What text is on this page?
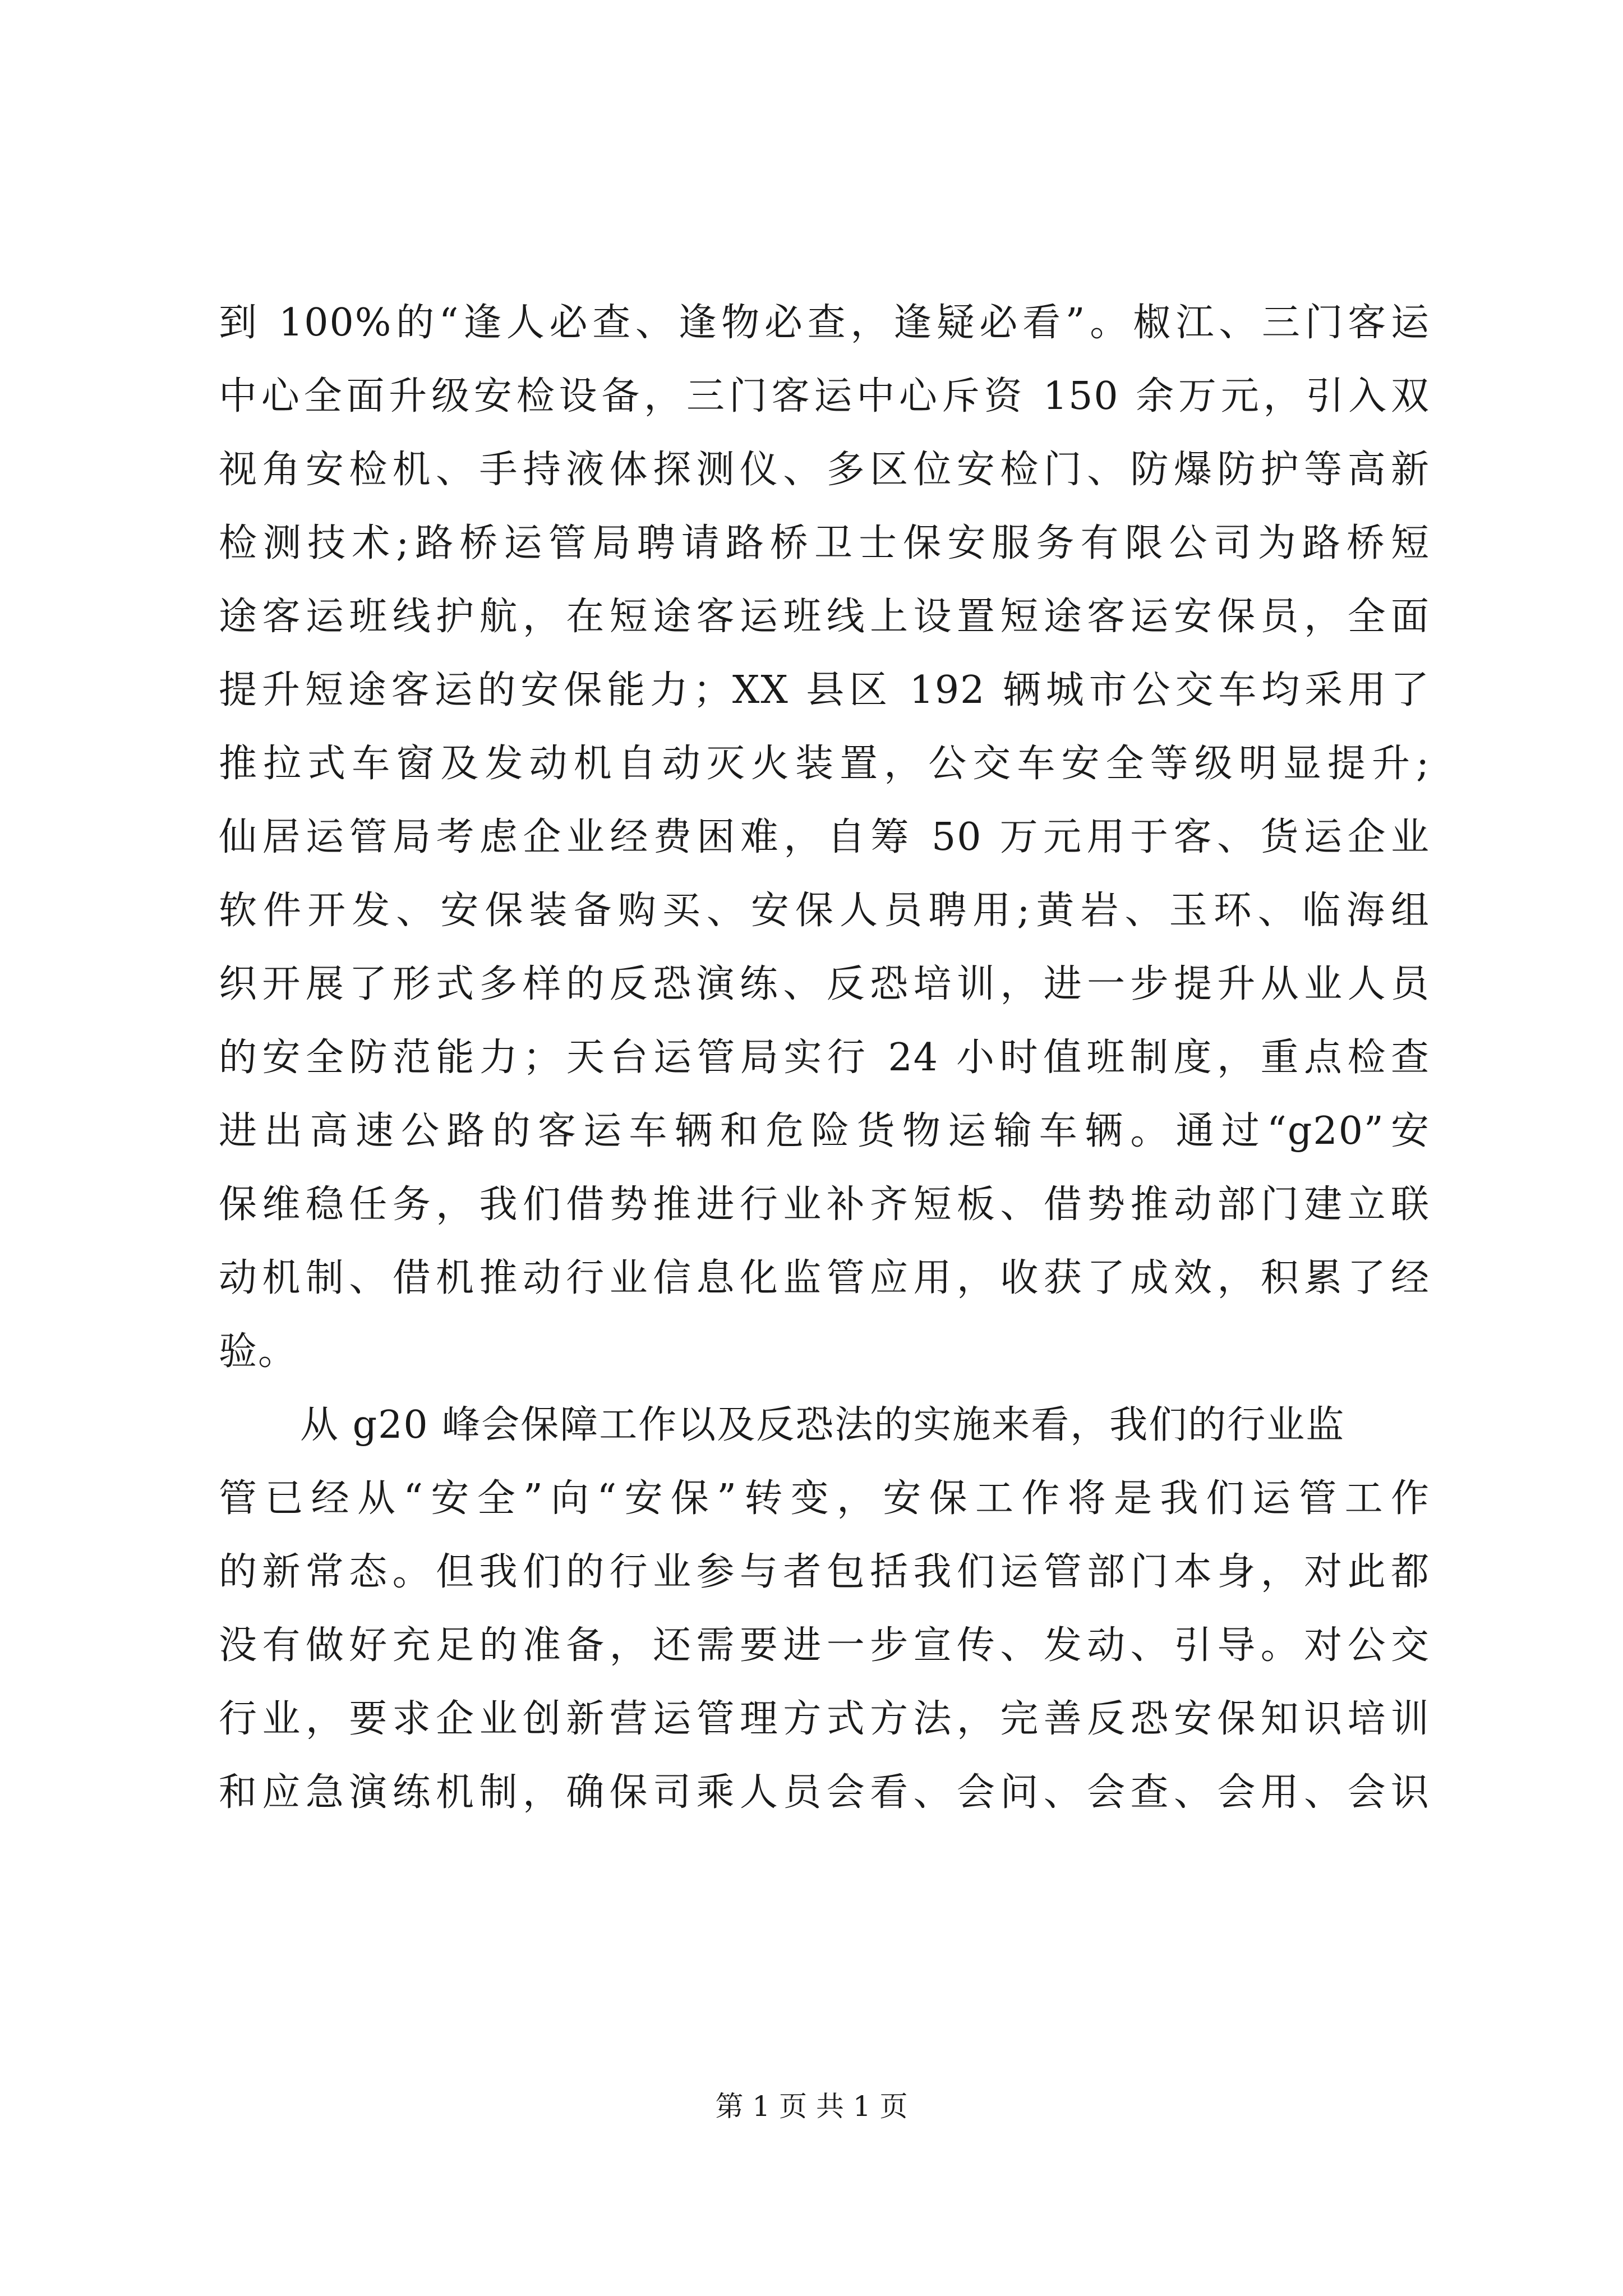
到 100%的“逢人必查、逢物必查，逢疑必看”。椒江、三门客运
中心全面升级安检设备，三门客运中心斥资 150 余万元，引入双
视角安检机、手持液体探测仪、多区位安检门、防爆防护等高新
检测技术;路桥运管局聘请路桥卫士保安服务有限公司为路桥短
途客运班线护航，在短途客运班线上设置短途客运安保员，全面
提升短途客运的安保能力；XX 县区 192 辆城市公交车均采用了
推拉式车窗及发动机自动灭火装置，公交车安全等级明显提升;
仙居运管局考虑企业经费困难，自筹 50 万元用于客、货运企业
软件开发、安保装备购买、安保人员聘用;黄岩、玉环、临海组
织开展了形式多样的反恐演练、反恐培训，进一步提升从业人员
的安全防范能力；天台运管局实行 24 小时值班制度，重点检查
进出高速公路的客运车辆和危险货物运输车辆。通过“g20”安
保维稳任务，我们借势推进行业补齐短板、借势推动部门建立联
动机制、借机推动行业信息化监管应用，收获了成效，积累了经
验。
从 g20 峰会保障工作以及反恐法的实施来看，我们的行业监
管已经从“安全”向“安保”转变，安保工作将是我们运管工作
的新常态。但我们的行业参与者包括我们运管部门本身，对此都
没有做好充足的准备，还需要进一步宣传、发动、引导。对公交
行业，要求企业创新营运管理方式方法，完善反恐安保知识培训
和应急演练机制，确保司乘人员会看、会问、会查、会用、会识
第 1 页 共 1 页
